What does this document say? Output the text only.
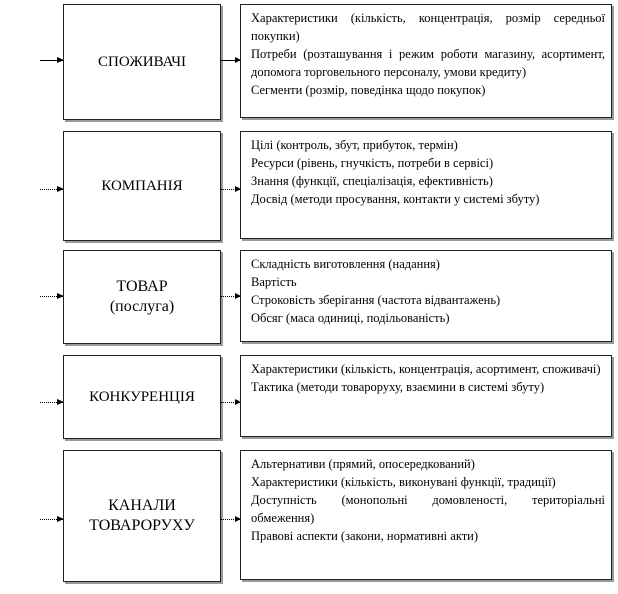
СПОЖИВАЧІ

Характеристики (кількість, концентрація, розмір середньої покупки)

Потреби (розташування і режим роботи магазину, асортимент, допомога торговельного персоналу, умови кредиту)

Сегменти (розмір, поведінка щодо покупок)

КОМПАНІЯ

Цілі (контроль, збут, прибуток, термін)

Ресурси (рівень, гнучкість, потреби в сервісі)

Знання (функції, спеціалізація, ефективність)

Досвід (методи просування, контакти у системі збуту)

ТОВАР
(послуга)

Складність виготовлення (надання)

Вартість

Строковість зберігання (частота відвантажень)

Обсяг (маса одиниці, подільованість)

КОНКУРЕНЦІЯ

Характеристики (кількість, концентрація, асортимент, споживачі)

Тактика (методи товароруху, взаємини в системі збуту)

КАНАЛИ
ТОВАРОРУХУ

Альтернативи (прямий, опосередкований)

Характеристики (кількість, виконувані функції, традиції)

Доступність (монопольні домовленості, територіальні обмеження)

Правові аспекти (закони, нормативні акти)
